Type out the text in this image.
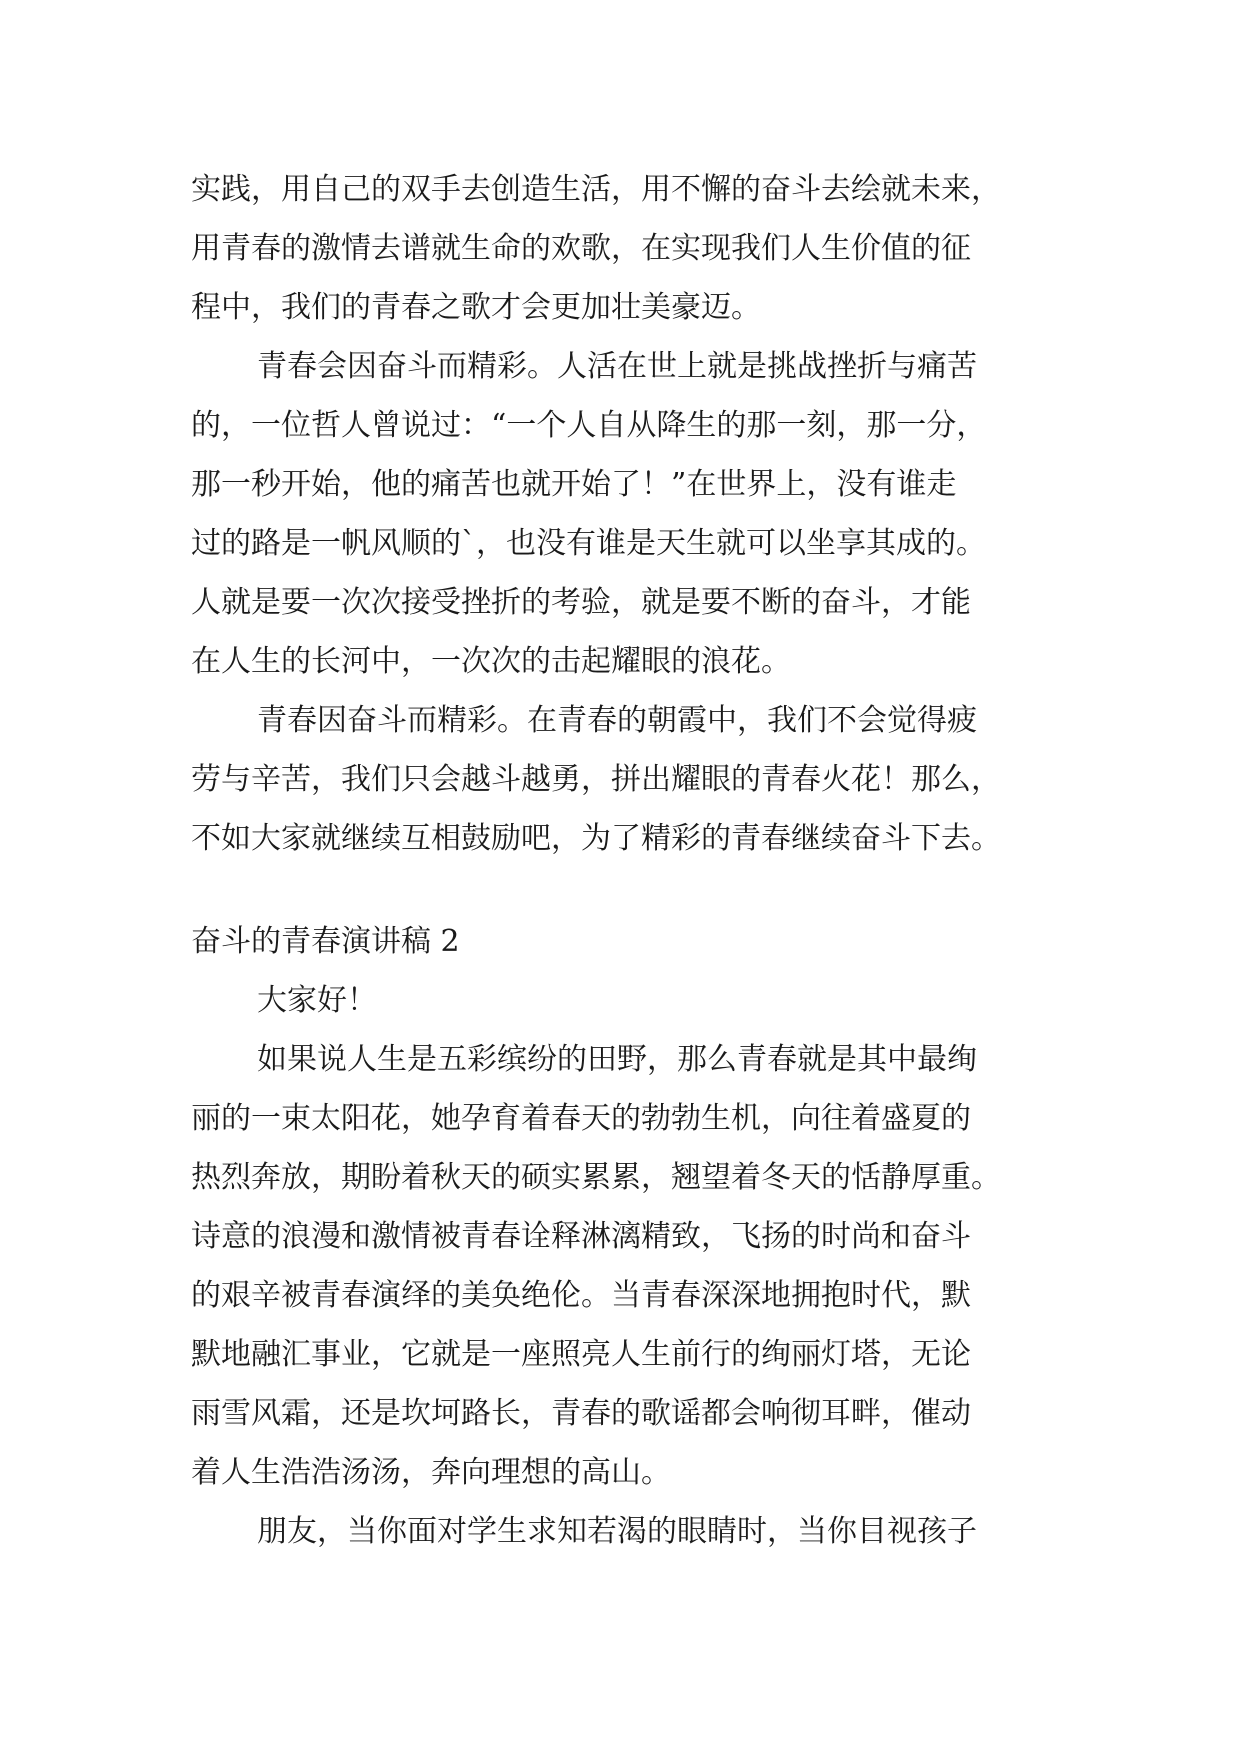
实践，用自己的双手去创造生活，用不懈的奋斗去绘就未来，
用青春的激情去谱就生命的欢歌，在实现我们人生价值的征
程中，我们的青春之歌才会更加壮美豪迈。
青春会因奋斗而精彩。人活在世上就是挑战挫折与痛苦
的，一位哲人曾说过：“一个人自从降生的那一刻，那一分，
那一秒开始，他的痛苦也就开始了！”在世界上，没有谁走
过的路是一帆风顺的`，也没有谁是天生就可以坐享其成的。
人就是要一次次接受挫折的考验，就是要不断的奋斗，才能
在人生的长河中，一次次的击起耀眼的浪花。
青春因奋斗而精彩。在青春的朝霞中，我们不会觉得疲
劳与辛苦，我们只会越斗越勇，拼出耀眼的青春火花！那么，
不如大家就继续互相鼓励吧，为了精彩的青春继续奋斗下去。
奋斗的青春演讲稿 2
大家好！
如果说人生是五彩缤纷的田野，那么青春就是其中最绚
丽的一束太阳花，她孕育着春天的勃勃生机，向往着盛夏的
热烈奔放，期盼着秋天的硕实累累，翘望着冬天的恬静厚重。
诗意的浪漫和激情被青春诠释淋漓精致，飞扬的时尚和奋斗
的艰辛被青春演绎的美奂绝伦。当青春深深地拥抱时代，默
默地融汇事业，它就是一座照亮人生前行的绚丽灯塔，无论
雨雪风霜，还是坎坷路长，青春的歌谣都会响彻耳畔，催动
着人生浩浩汤汤，奔向理想的高山。
朋友，当你面对学生求知若渴的眼睛时，当你目视孩子
